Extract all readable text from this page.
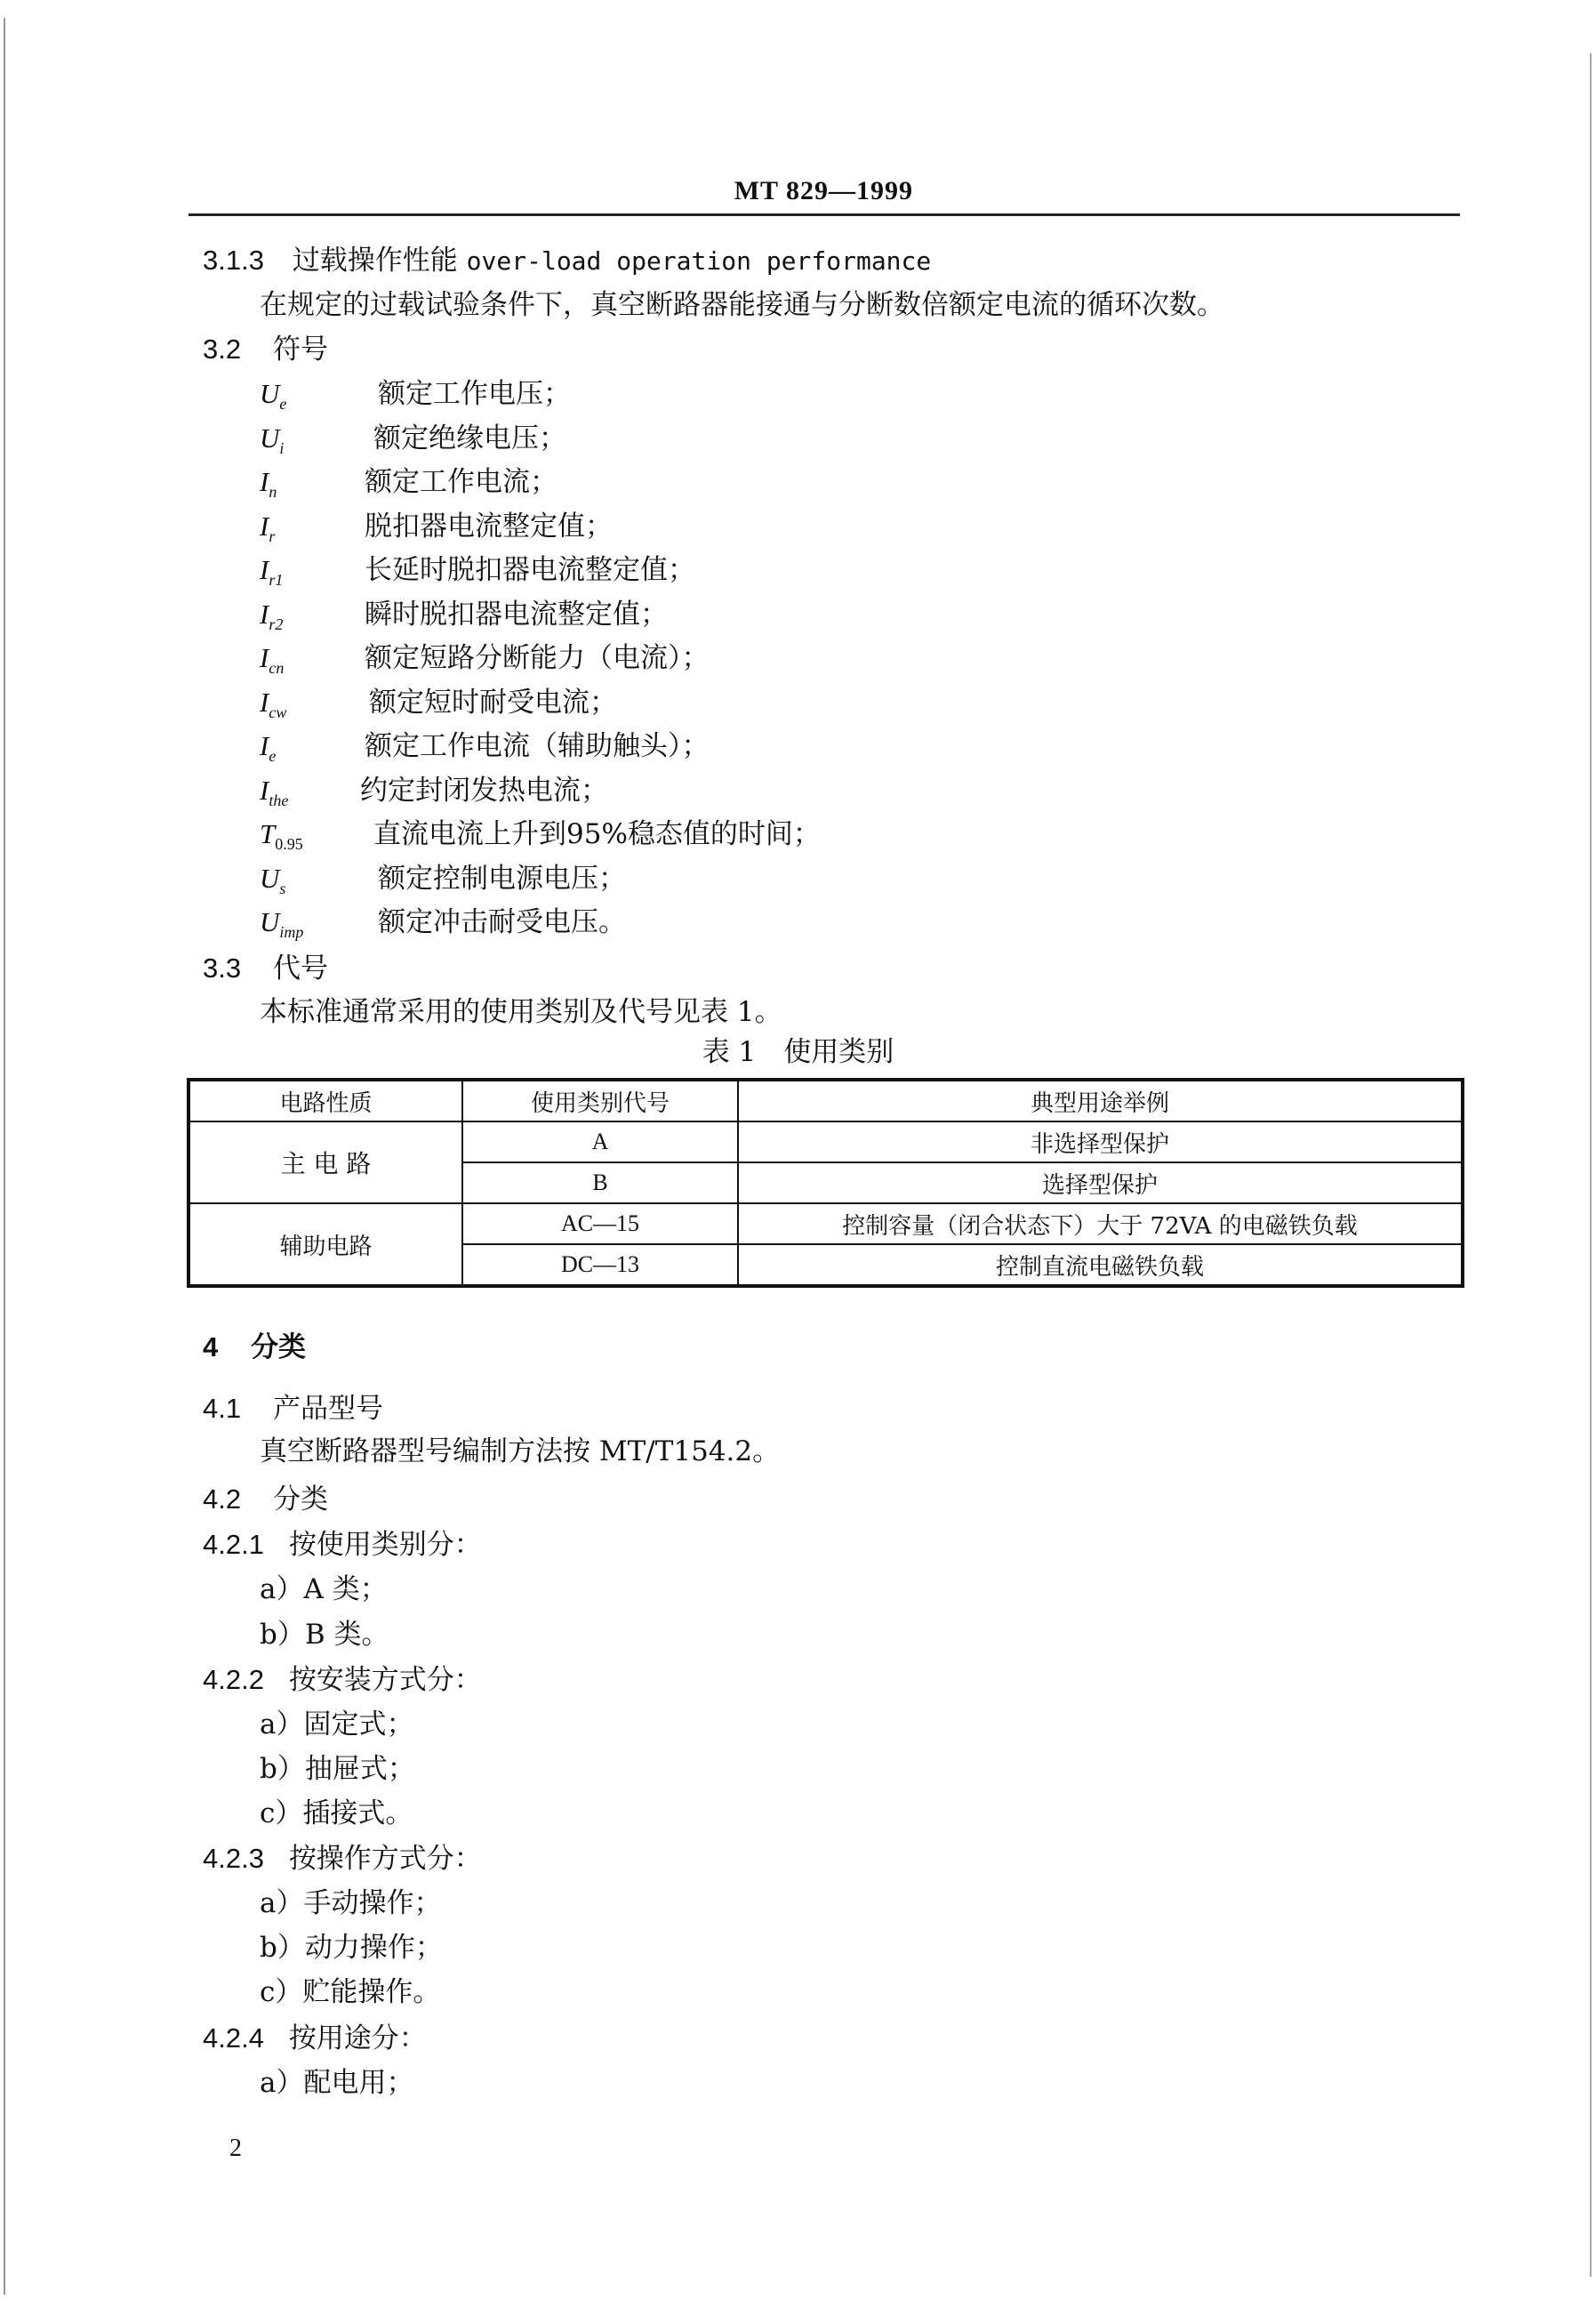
MT 829—1999
3.1.3 过载操作性能 over-load operation performance
在规定的过载试验条件下，真空断路器能接通与分断数倍额定电流的循环次数。
3.2 符号
$U_e$	额定工作电压；
$U_i$	额定绝缘电压；
$I_n$	额定工作电流；
$I_r$	脱扣器电流整定值；
$I_{r1}$	长延时脱扣器电流整定值；
$I_{r2}$	瞬时脱扣器电流整定值；
$I_{cn}$	额定短路分断能力（电流）；
$I_{cw}$	额定短时耐受电流；
$I_e$	额定工作电流（辅助触头）；
$I_{the}$	约定封闭发热电流；
$T_{0.95}$	直流电流上升到95%稳态值的时间；
$U_s$	额定控制电源电压；
$U_{imp}$	额定冲击耐受电压。
3.3 代号
本标准通常采用的使用类别及代号见表 1。
表 1　使用类别
电路性质	使用类别代号	典型用途举例
主 电 路	A	非选择型保护
	B	选择型保护
辅助电路	AC—15	控制容量（闭合状态下）大于 72VA 的电磁铁负载
	DC—13	控制直流电磁铁负载
4 分类
4.1 产品型号
真空断路器型号编制方法按 MT/T154.2。
4.2 分类
4.2.1 按使用类别分：
a）A 类；
b）B 类。
4.2.2 按安装方式分：
a）固定式；
b）抽屉式；
c）插接式。
4.2.3 按操作方式分：
a）手动操作；
b）动力操作；
c）贮能操作。
4.2.4 按用途分：
a）配电用；
2
